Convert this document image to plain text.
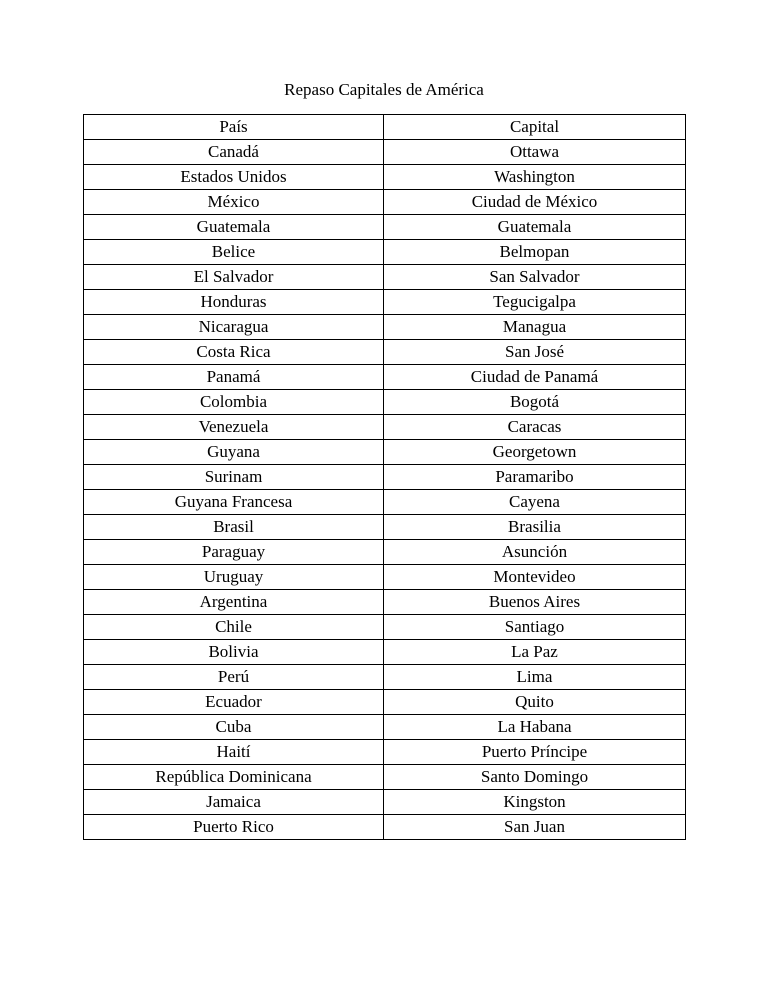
Repaso Capitales de América
País	Capital
Canadá	Ottawa
Estados Unidos	Washington
México	Ciudad de México
Guatemala	Guatemala
Belice	Belmopan
El Salvador	San Salvador
Honduras	Tegucigalpa
Nicaragua	Managua
Costa Rica	San José
Panamá	Ciudad de Panamá
Colombia	Bogotá
Venezuela	Caracas
Guyana	Georgetown
Surinam	Paramaribo
Guyana Francesa	Cayena
Brasil	Brasilia
Paraguay	Asunción
Uruguay	Montevideo
Argentina	Buenos Aires
Chile	Santiago
Bolivia	La Paz
Perú	Lima
Ecuador	Quito
Cuba	La Habana
Haití	Puerto Príncipe
República Dominicana	Santo Domingo
Jamaica	Kingston
Puerto Rico	San Juan
